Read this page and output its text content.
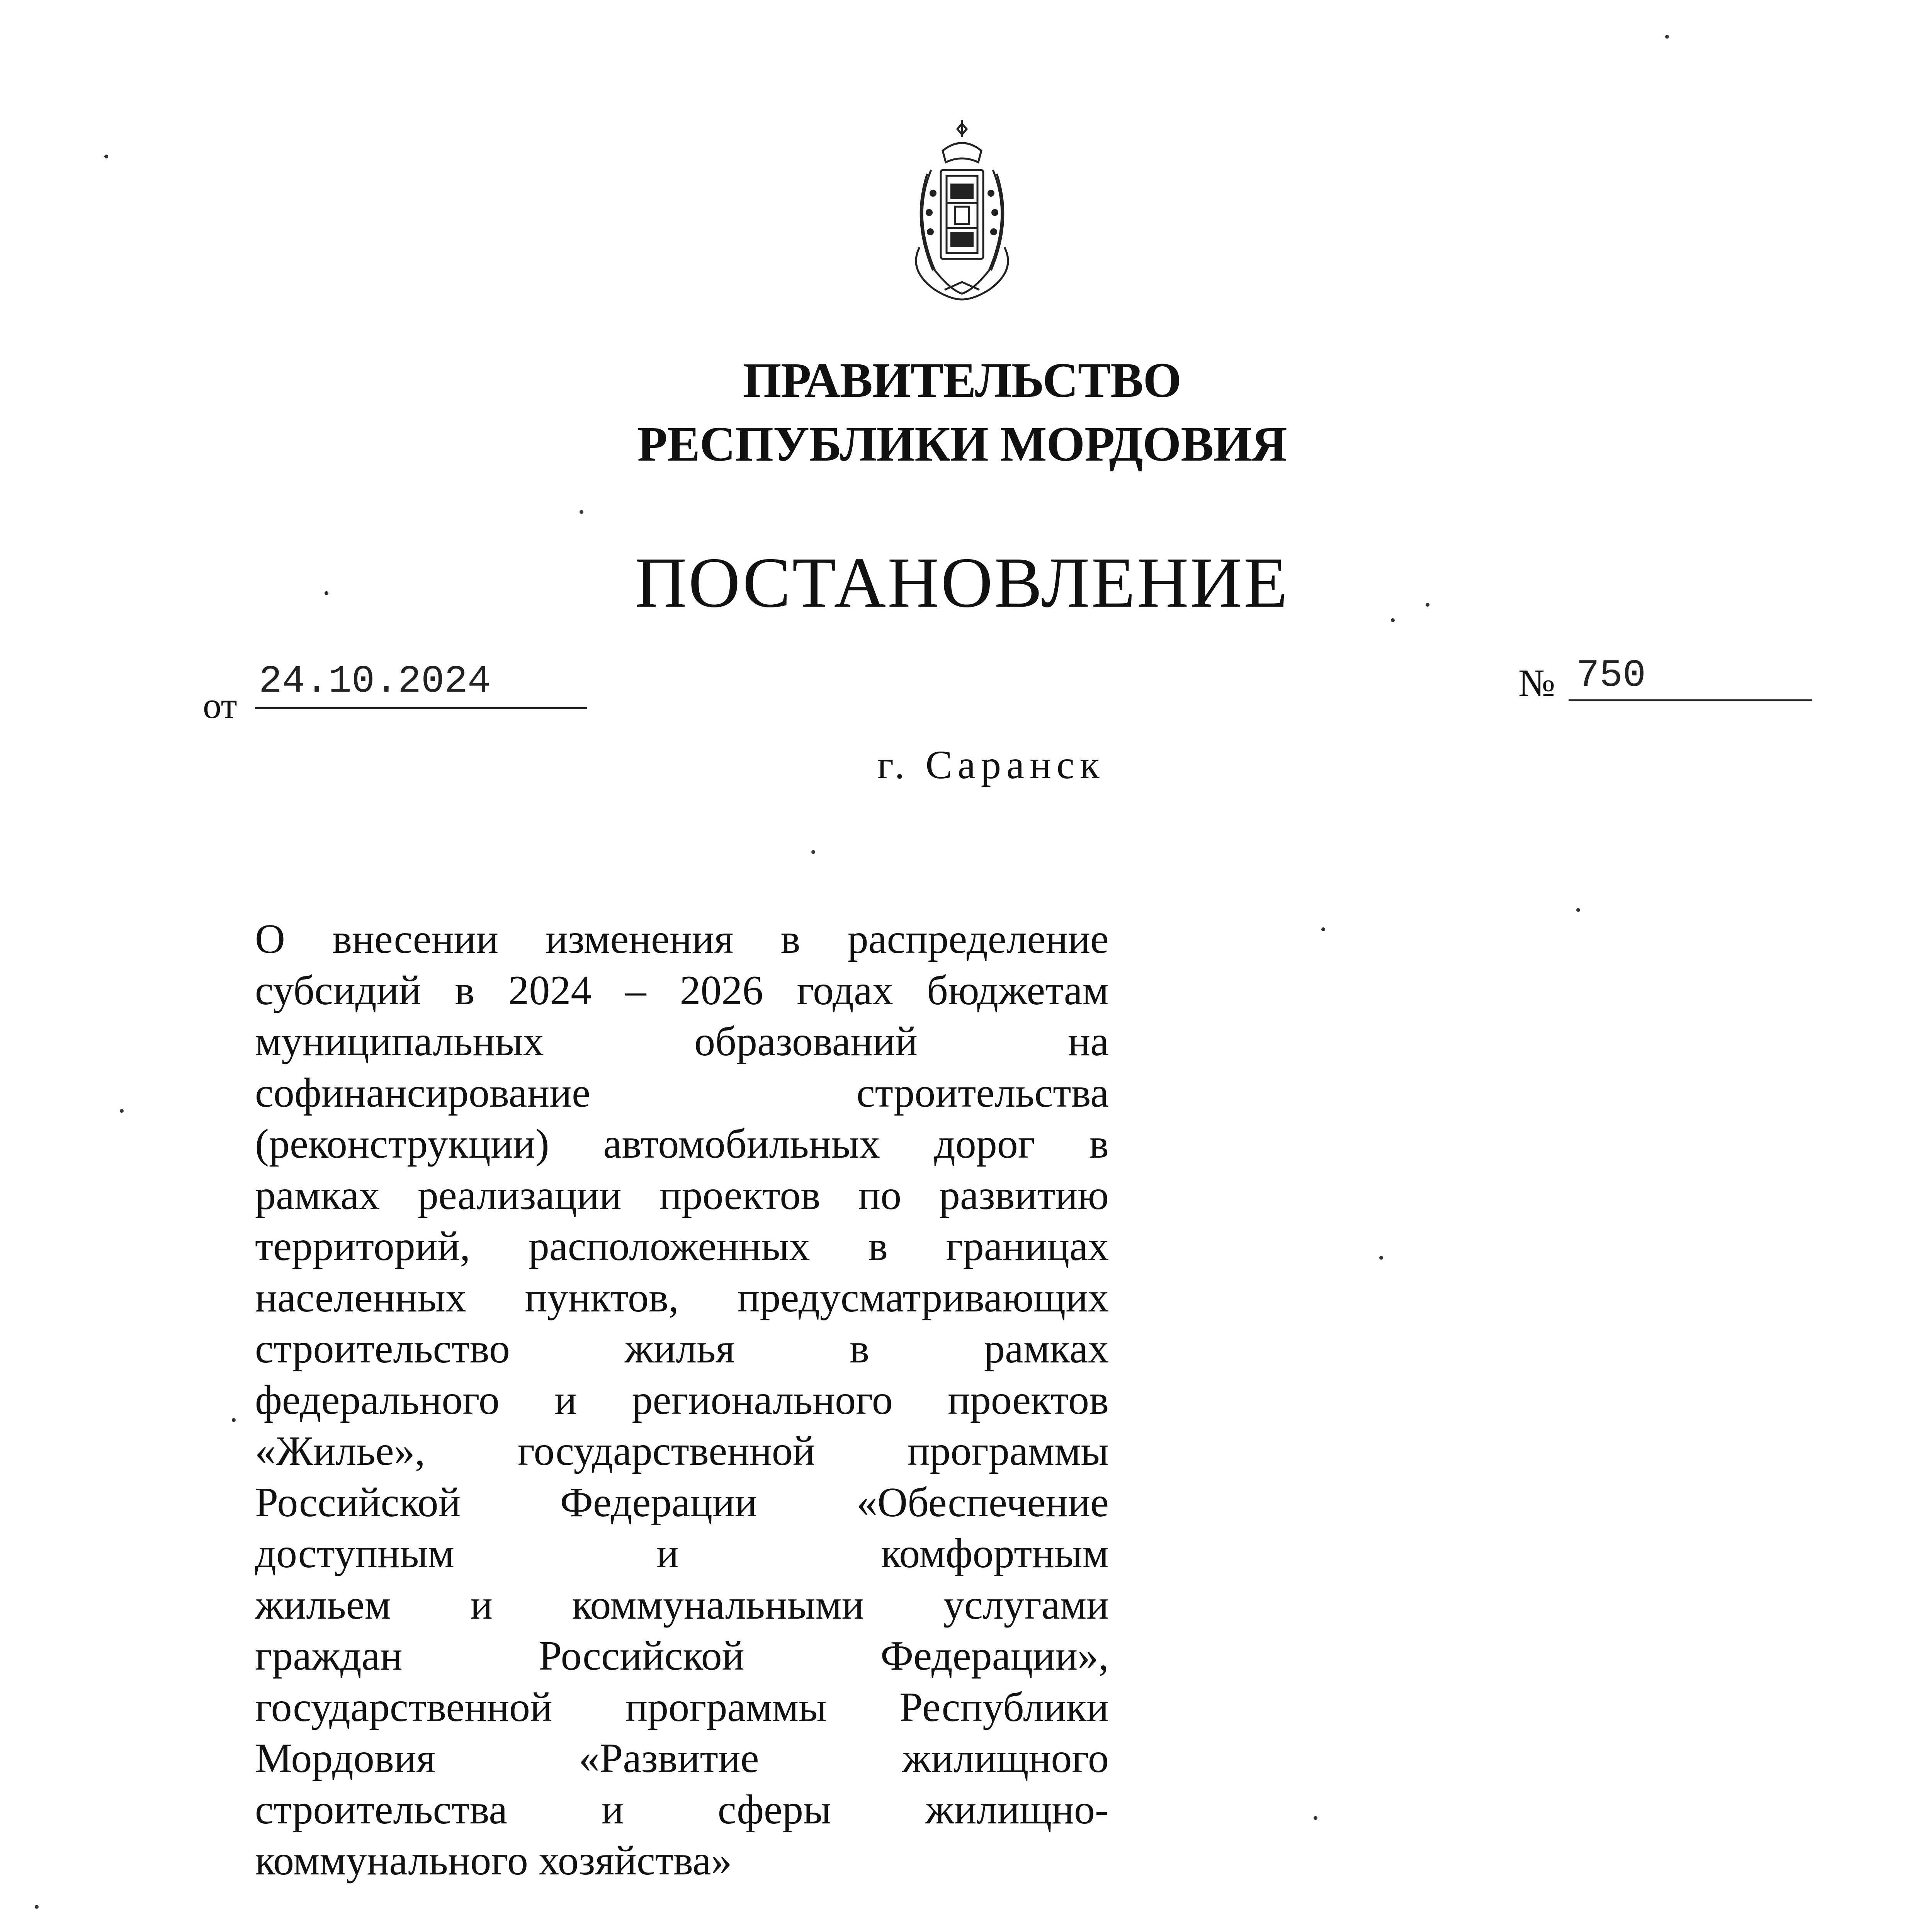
ПРАВИТЕЛЬСТВО
РЕСПУБЛИКИ МОРДОВИЯ
ПОСТАНОВЛЕНИЕ
от
24.10.2024	№ 750
г. Саранск
О внесении изменения в распределение
субсидий в 2024 – 2026 годах бюджетам
муниципальных образований на
софинансирование строительства
(реконструкции) автомобильных дорог в
рамках реализации проектов по развитию
территорий, расположенных в границах
населенных пунктов, предусматривающих
строительство жилья в рамках
федерального и регионального проектов
«Жилье», государственной программы
Российской Федерации «Обеспечение
доступным и комфортным
жильем и коммунальными услугами
граждан Российской Федерации»,
государственной программы Республики
Мордовия «Развитие жилищного
строительства и сферы жилищно-
коммунального хозяйства»
